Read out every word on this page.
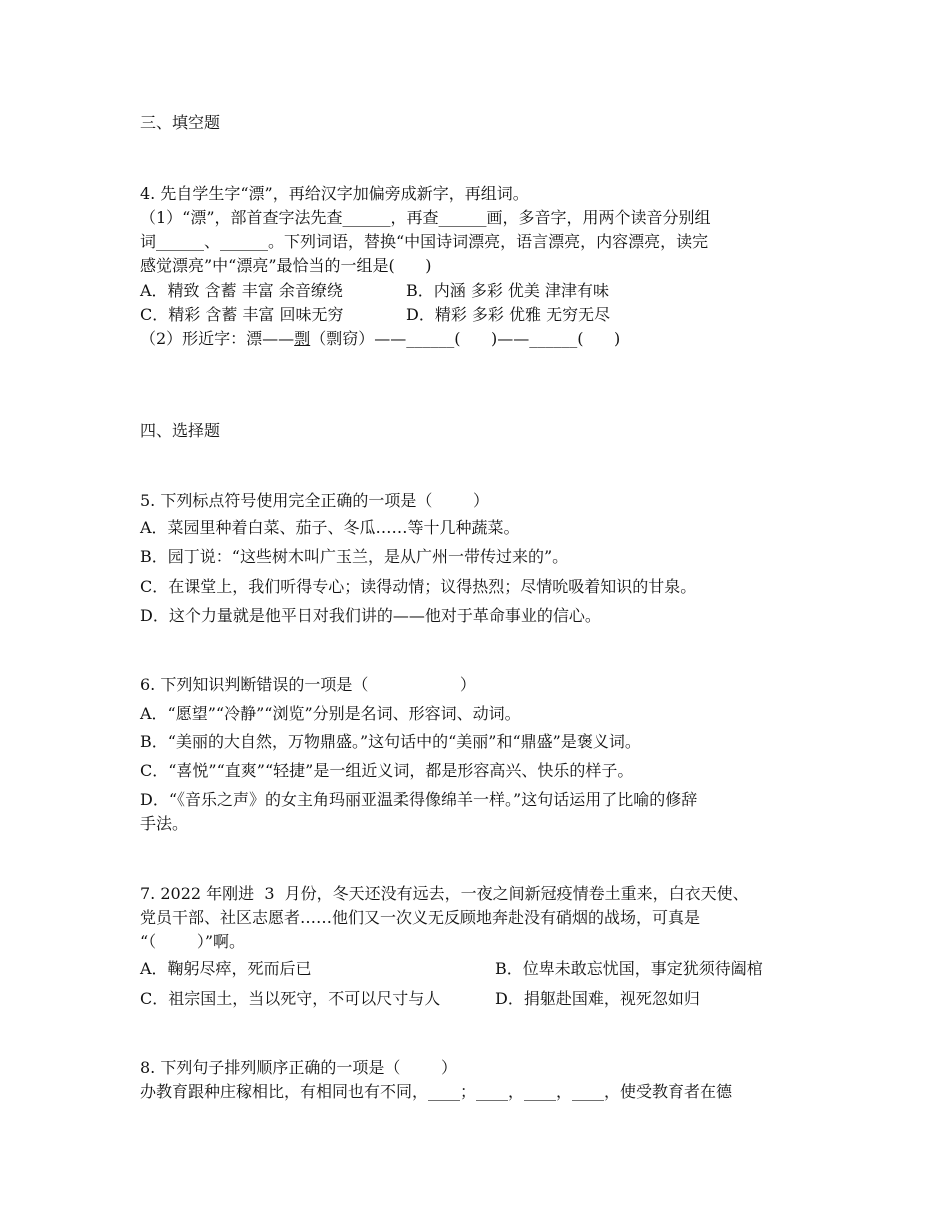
三、填空题
4. 先自学生字“漂”，再给汉字加偏旁成新字，再组词。
（1）“漂”，部首查字法先查______，再查______画，多音字，用两个读音分别组
词______、______。下列词语，替换“中国诗词漂亮，语言漂亮，内容漂亮，读完
感觉漂亮”中“漂亮”最恰当的一组是(      )
A．精致 含蓄 丰富 余音缭绕	B．内涵 多彩 优美 津津有味
C．精彩 含蓄 丰富 回味无穷	D．精彩 多彩 优雅 无穷无尽
（2）形近字：漂——剽（剽窃）——______(      )——______(      )
四、选择题
5. 下列标点符号使用完全正确的一项是（        ）
A．菜园里种着白菜、茄子、冬瓜……等十几种蔬菜。
B．园丁说：“这些树木叫广玉兰，是从广州一带传过来的”。
C．在课堂上，我们听得专心；读得动情；议得热烈；尽情吮吸着知识的甘泉。
D．这个力量就是他平日对我们讲的——他对于革命事业的信心。
6. 下列知识判断错误的一项是（                  ）
A．“愿望”“冷静”“浏览”分别是名词、形容词、动词。
B．“美丽的大自然，万物鼎盛。”这句话中的“美丽”和“鼎盛”是褒义词。
C．“喜悦”“直爽”“轻捷”是一组近义词，都是形容高兴、快乐的样子。
D．“《音乐之声》的女主角玛丽亚温柔得像绵羊一样。”这句话运用了比喻的修辞
手法。
7. 2022 年刚进  3  月份，冬天还没有远去，一夜之间新冠疫情卷土重来，白衣天使、
党员干部、社区志愿者……他们又一次义无反顾地奔赴没有硝烟的战场，可真是
“（        ）”啊。
A．鞠躬尽瘁，死而后已	B．位卑未敢忘忧国，事定犹须待阖棺
C．祖宗国土，当以死守，不可以尺寸与人	D．捐躯赴国难，视死忽如归
8. 下列句子排列顺序正确的一项是（        ）
办教育跟种庄稼相比，有相同也有不同，____；____，____，____，使受教育者在德
